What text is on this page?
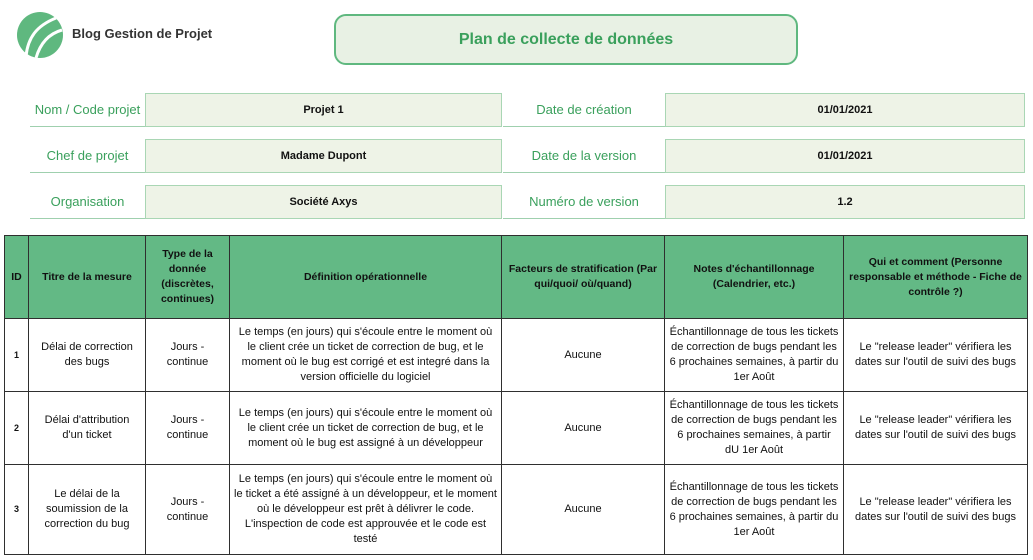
Blog Gestion de Projet	Plan de collecte de données
Nom / Code projet	Projet 1
Chef de projet	Madame Dupont
Organisation	Société Axys
Date de création	01/01/2021
Date de la version	01/01/2021
Numéro de version	1.2
ID	Titre de la mesure	Type de la donnée (discrètes, continues)	Définition opérationnelle	Facteurs de stratification (Par qui/quoi/ où/quand)	Notes d'échantillonnage (Calendrier, etc.)	Qui et comment (Personne responsable et méthode - Fiche de contrôle ?)
1	Délai de correction des bugs	Jours - continue	Le temps (en jours) qui s'écoule entre le moment où le client crée un ticket de correction de bug, et le moment où le bug est corrigé et est integré dans la version officielle du logiciel	Aucune	Échantillonnage de tous les tickets de correction de bugs pendant les 6 prochaines semaines, à partir du 1er Août	Le "release leader" vérifiera les dates sur l'outil de suivi des bugs
2	Délai d'attribution d'un ticket	Jours - continue	Le temps (en jours) qui s'écoule entre le moment où le client crée un ticket de correction de bug, et le moment où le bug est assigné à un développeur	Aucune	Échantillonnage de tous les tickets de correction de bugs pendant les 6 prochaines semaines, à partir dU 1er Août	Le "release leader" vérifiera les dates sur l'outil de suivi des bugs
3	Le délai de la soumission de la correction du bug	Jours - continue	Le temps (en jours) qui s'écoule entre le moment où le ticket a été assigné à un développeur, et le moment où le développeur est prêt à délivrer le code.
L'inspection de code est approuvée et le code est testé	Aucune	Échantillonnage de tous les tickets de correction de bugs pendant les 6 prochaines semaines, à partir du 1er Août	Le "release leader" vérifiera les dates sur l'outil de suivi des bugs
